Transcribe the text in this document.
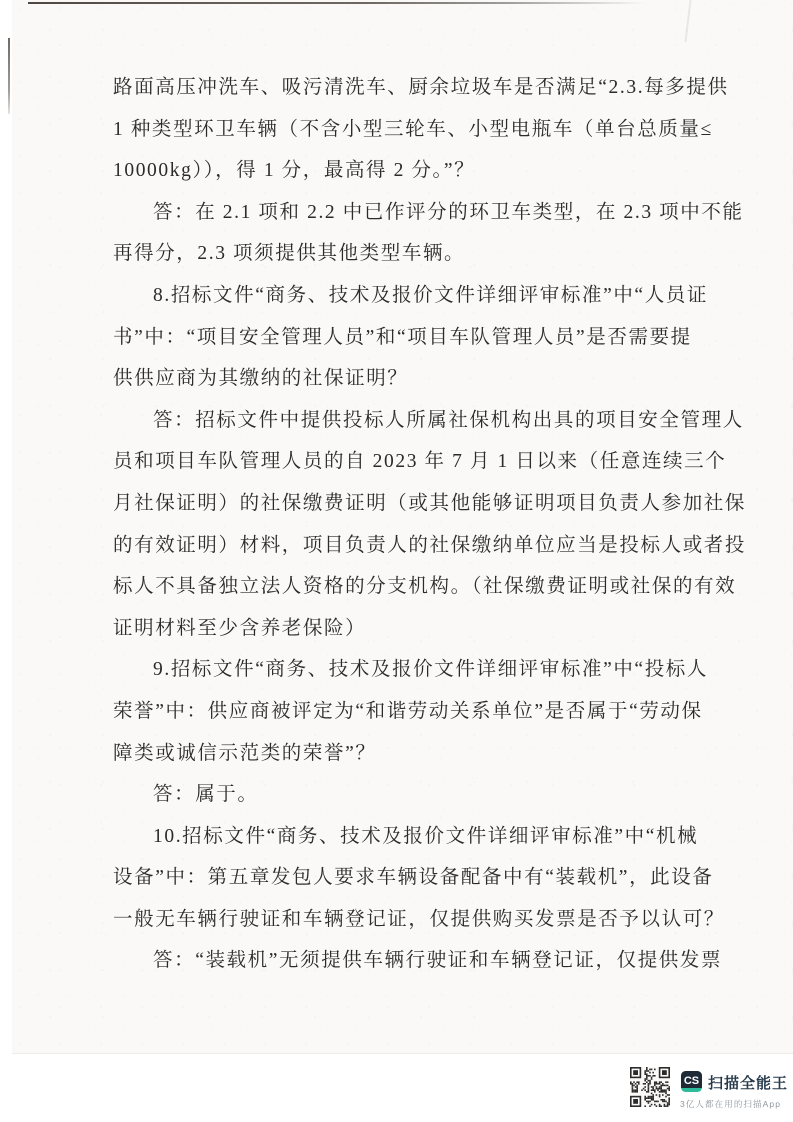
路面高压冲洗车、吸污清洗车、厨余垃圾车是否满足“2.3.每多提供
1 种类型环卫车辆（不含小型三轮车、小型电瓶车（单台总质量≤
10000kg）），得 1 分，最高得 2 分。”？
答：在 2.1 项和 2.2 中已作评分的环卫车类型，在 2.3 项中不能
再得分，2.3 项须提供其他类型车辆。
8.招标文件“商务、技术及报价文件详细评审标准”中“人员证
书”中：“项目安全管理人员”和“项目车队管理人员”是否需要提
供供应商为其缴纳的社保证明？
答：招标文件中提供投标人所属社保机构出具的项目安全管理人
员和项目车队管理人员的自 2023 年 7 月 1 日以来（任意连续三个
月社保证明）的社保缴费证明（或其他能够证明项目负责人参加社保
的有效证明）材料，项目负责人的社保缴纳单位应当是投标人或者投
标人不具备独立法人资格的分支机构。（社保缴费证明或社保的有效
证明材料至少含养老保险）
9.招标文件“商务、技术及报价文件详细评审标准”中“投标人
荣誉”中：供应商被评定为“和谐劳动关系单位”是否属于“劳动保
障类或诚信示范类的荣誉”？
答：属于。
10.招标文件“商务、技术及报价文件详细评审标准”中“机械
设备”中：第五章发包人要求车辆设备配备中有“装载机”，此设备
一般无车辆行驶证和车辆登记证，仅提供购买发票是否予以认可？
答：“装载机”无须提供车辆行驶证和车辆登记证，仅提供发票
CS 扫描全能王
3亿人都在用的扫描App
